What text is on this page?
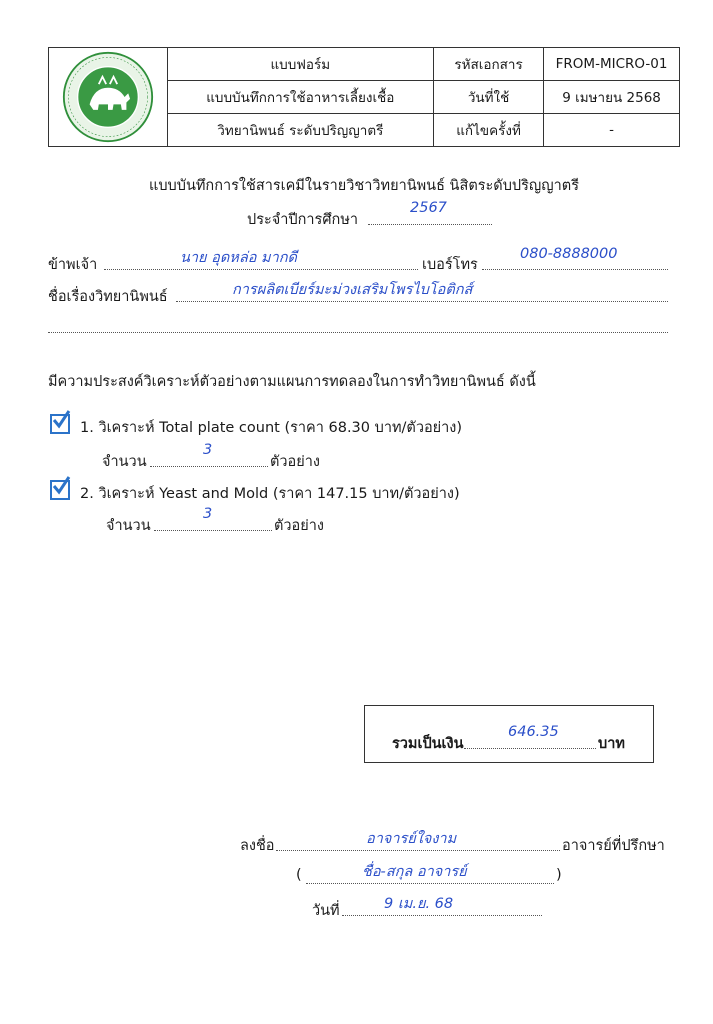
	แบบฟอร์ม	รหัสเอกสาร	FROM-MICRO-01
	แบบบันทึกการใช้อาหารเลี้ยงเชื้อ	วันที่ใช้	9 เมษายน 2568
	วิทยานิพนธ์ ระดับปริญญาตรี	แก้ไขครั้งที่	-
แบบบันทึกการใช้สารเคมีในรายวิชาวิทยานิพนธ์ นิสิตระดับปริญญาตรี
ประจำปีการศึกษา
2567
ข้าพเจ้า	นาย อุดหล่อ มากดี	เบอร์โทร
080-8888000
ชื่อเรื่องวิทยานิพนธ์	การผลิตเบียร์มะม่วงเสริมโพรไบโอติกส์
มีความประสงค์วิเคราะห์ตัวอย่างตามแผนการทดลองในการทำวิทยานิพนธ์ ดังนี้
1. วิเคราะห์ Total plate count (ราคา 68.30 บาท/ตัวอย่าง)
จำนวน
3
ตัวอย่าง
2. วิเคราะห์ Yeast and Mold (ราคา 147.15 บาท/ตัวอย่าง)
จำนวน
3
ตัวอย่าง
รวมเป็นเงิน
646.35
บาท
ลงชื่อ	อาจารย์ใจงาม	อาจารย์ที่ปรึกษา
(	ชื่อ-สกุล อาจารย์	)
วันที่	9 เม.ย. 68
